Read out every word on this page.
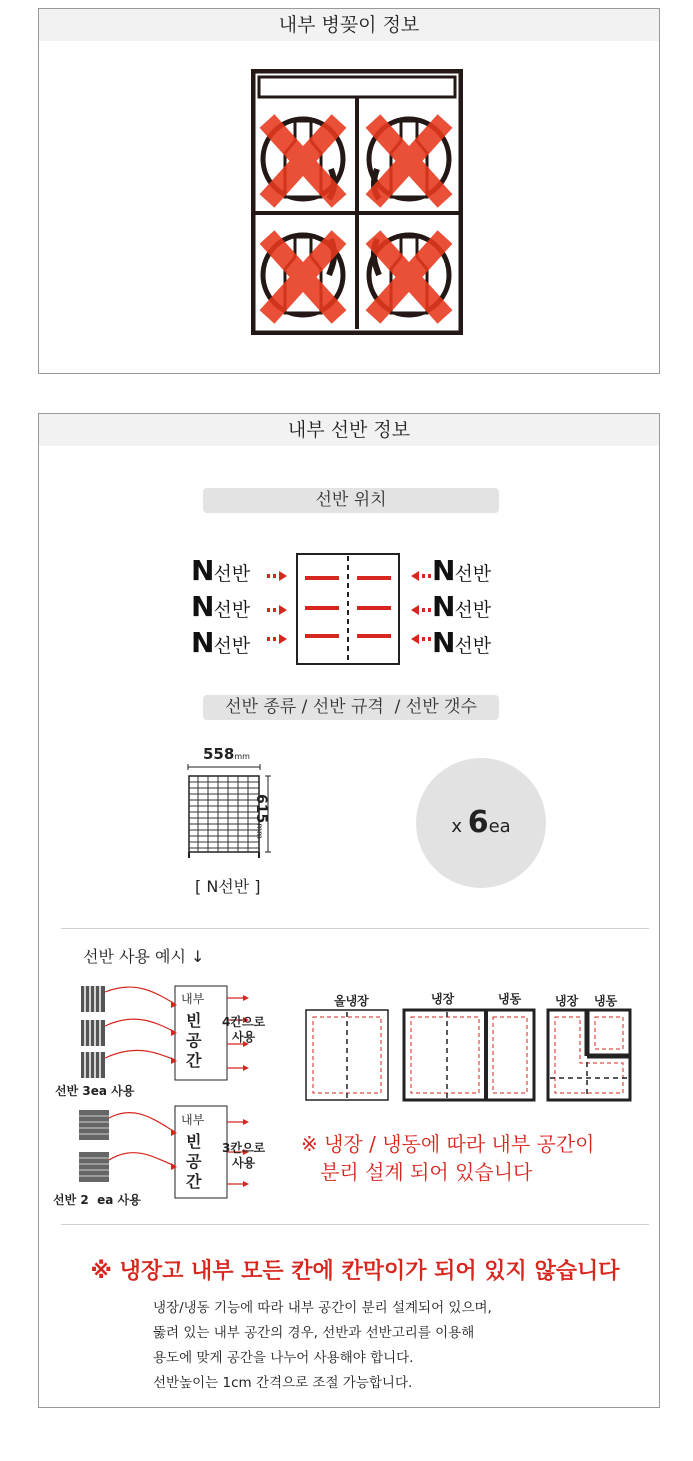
내부 병꽂이 정보
내부 선반 정보
선반 위치
N선반
N선반
N선반
N선반
N선반
N선반
선반 종류 / 선반 규격  / 선반 갯수
558mm
615mm
[ N선반 ]
x 6ea
선반 사용 예시 ↓
내부
빈
공
간
4칸으로
사용
선반 3ea 사용
내부
빈
공
간
3칸으로
사용
선반 2  ea 사용
올냉장	냉장	냉동	냉장 냉동
※ 냉장 / 냉동에 따라 내부 공간이
분리 설계 되어 있습니다
※ 냉장고 내부 모든 칸에 칸막이가 되어 있지 않습니다
냉장/냉동 기능에 따라 내부 공간이 분리 설계되어 있으며,
뚫려 있는 내부 공간의 경우, 선반과 선반고리를 이용해
용도에 맞게 공간을 나누어 사용해야 합니다.
선반높이는 1cm 간격으로 조절 가능합니다.
